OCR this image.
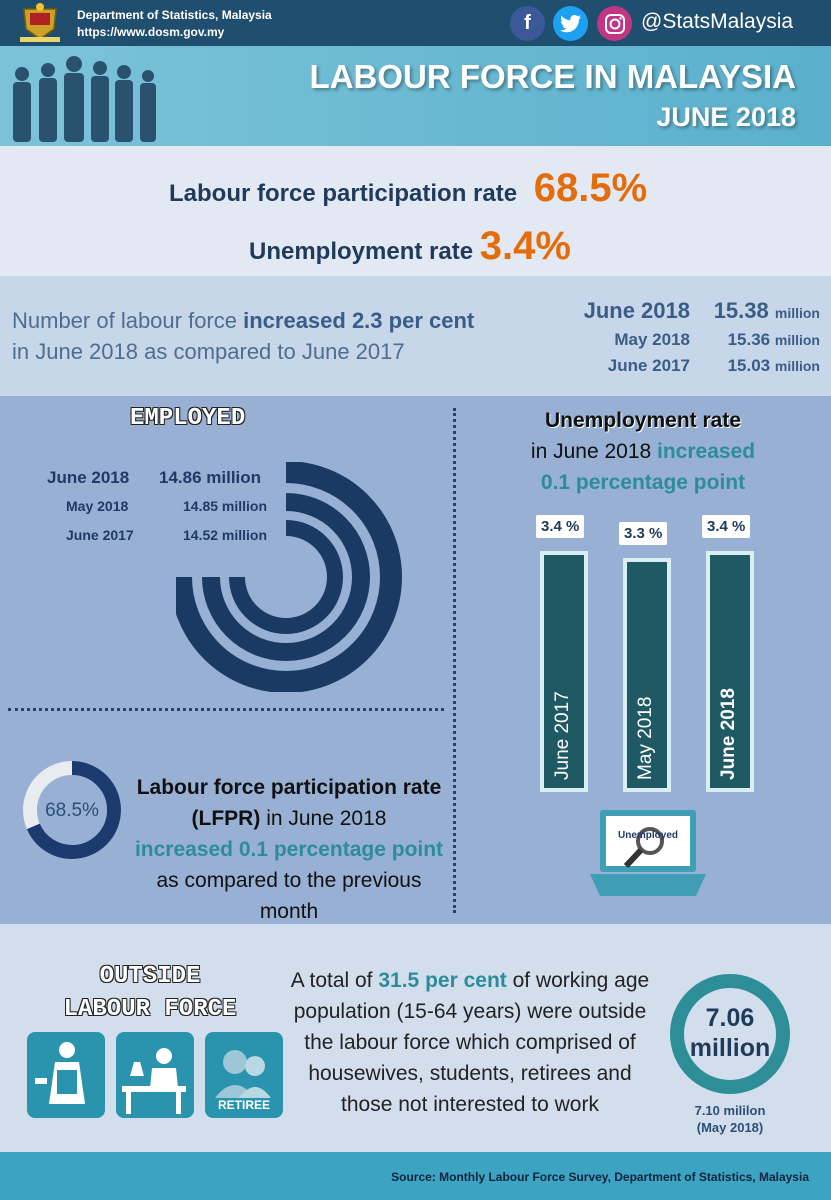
Department of Statistics, Malaysia
https://www.dosm.gov.my	f	@StatsMalaysia
LABOUR FORCE IN MALAYSIA
JUNE 2018
Labour force participation rate 68.5%
Unemployment rate 3.4%
Number of labour force increased 2.3 per cent
in June 2018 as compared to June 2017
June 2018 15.38 million
May 2018 15.36 million
June 2017 15.03 million
EMPLOYED
June 2018 14.86 million
May 2018	14.85 million
June 2017	14.52 million
68.5%
Labour force participation rate
(LFPR) in June 2018
increased 0.1 percentage point
as compared to the previous month
Unemployment rate
in June 2018 increased
0.1 percentage point
June 2017
3.4 %
May 2018
3.3 %
June 2018
3.4 %
Unemployed
OUTSIDE
LABOUR FORCE
RETIREE
A total of 31.5 per cent of working age population (15-64 years) were outside the labour force which comprised of housewives, students, retirees and those not interested to work
7.06
million
7.10 mililon
(May 2018)
Source: Monthly Labour Force Survey, Department of Statistics, Malaysia
